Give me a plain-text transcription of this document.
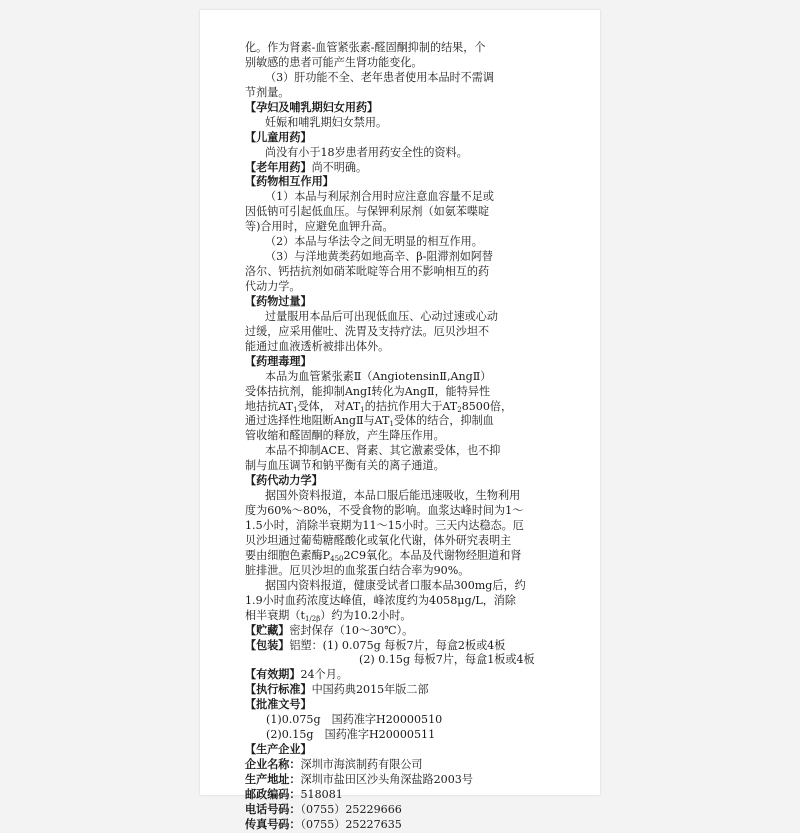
化。作为肾素-血管紧张素-醛固酮抑制的结果，个
别敏感的患者可能产生肾功能变化。
（3）肝功能不全、老年患者使用本品时不需调
节剂量。
【孕妇及哺乳期妇女用药】
妊娠和哺乳期妇女禁用。
【儿童用药】
尚没有小于18岁患者用药安全性的资料。
【老年用药】尚不明确。
【药物相互作用】
（1）本品与利尿剂合用时应注意血容量不足或
因低钠可引起低血压。与保钾利尿剂（如氨苯喋啶
等)合用时，应避免血钾升高。
（2）本品与华法令之间无明显的相互作用。
（3）与洋地黄类药如地高辛、β-阻滞剂如阿替
洛尔、钙拮抗剂如硝苯吡啶等合用不影响相互的药
代动力学。
【药物过量】
过量服用本品后可出现低血压、心动过速或心动
过缓，应采用催吐、洗胃及支持疗法。厄贝沙坦不
能通过血液透析被排出体外。
【药理毒理】
本品为血管紧张素Ⅱ（AngiotensinⅡ,AngⅡ）
受体拮抗剂，能抑制AngⅠ转化为AngⅡ，能特异性
地拮抗$AT_1$受体， 对$AT_1$的拮抗作用大于$AT_28500$倍，
通过选择性地阻断AngⅡ与$AT_1$受体的结合，抑制血
管收缩和醛固酮的释放，产生降压作用。
本品不抑制ACE、肾素、其它激素受体，也不抑
制与血压调节和钠平衡有关的离子通道。
【药代动力学】
据国外资料报道，本品口服后能迅速吸收，生物利用
度为60%～80%，不受食物的影响。血浆达峰时间为1～
1.5小时，消除半衰期为11～15小时。三天内达稳态。厄
贝沙坦通过葡萄糖醛酸化或氧化代谢，体外研究表明主
要由细胞色素酶$P_{450}2C9$氧化。本品及代谢物经胆道和肾
脏排泄。厄贝沙坦的血浆蛋白结合率为90%。
据国内资料报道，健康受试者口服本品300mg后，约
1.9小时血药浓度达峰值，峰浓度约为4058μg/L，消除
相半衰期$(t_{1/2\beta})$约为10.2小时。
【贮藏】密封保存（10～30℃）。
【包装】铝塑：(1) 0.075g 每板7片，每盒2板或4板
(2) 0.15g 每板7片，每盒1板或4板
【有效期】24个月。
【执行标准】中国药典2015年版二部
【批准文号】
(1)0.075g　国药准字H20000510
(2)0.15g　国药准字H20000511
【生产企业】
企业名称：深圳市海滨制药有限公司
生产地址：深圳市盐田区沙头角深盐路2003号
邮政编码：518081
电话号码：（0755）25229666
传真号码：（0755）25227635
